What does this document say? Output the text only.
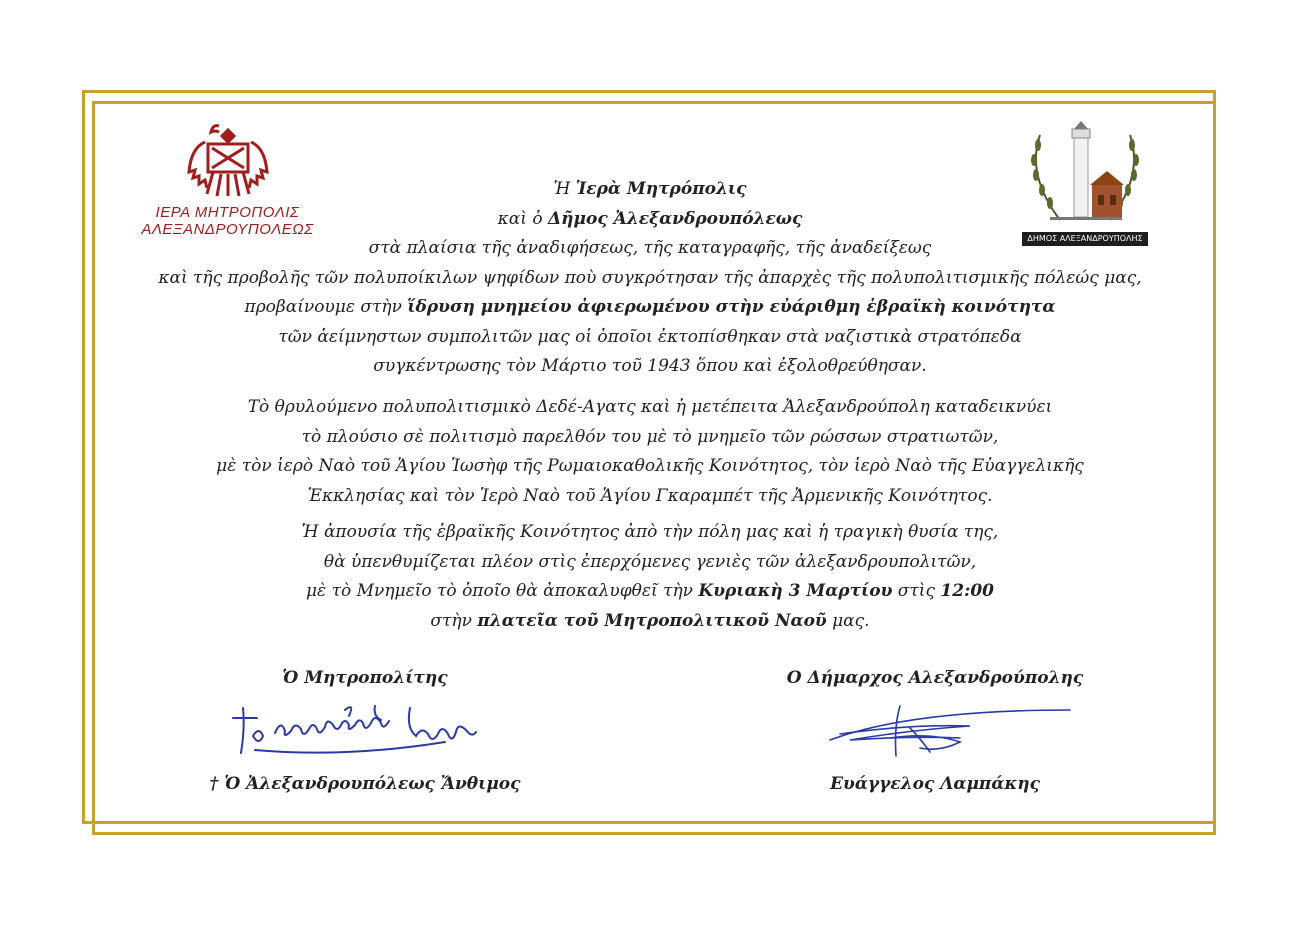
ΙΕΡΑ ΜΗΤΡΟΠΟΛΙΣ
ΑΛΕΞΑΝΔΡΟΥΠΟΛΕΩΣ
ΔΗΜΟΣ ΑΛΕΞΑΝΔΡΟΥΠΟΛΗΣ

Ἡ Ἱερὰ Μητρόπολις

καὶ ὁ Δῆμος Ἀλεξανδρουπόλεως

στὰ πλαίσια τῆς ἀναδιφήσεως, τῆς καταγραφῆς, τῆς ἀναδείξεως

καὶ τῆς προβολῆς τῶν πολυποίκιλων ψηφίδων ποὺ συγκρότησαν τῆς ἀπαρχὲς τῆς πολυπολιτισμικῆς πόλεώς μας,

προβαίνουμε στὴν ἵδρυση μνημείου ἀφιερωμένου στὴν εὐάριθμη ἑβραϊκὴ κοινότητα

τῶν ἀείμνηστων συμπολιτῶν μας οἱ ὁποῖοι ἐκτοπίσθηκαν στὰ ναζιστικὰ στρατόπεδα

συγκέντρωσης τὸν Μάρτιο τοῦ 1943 ὅπου καὶ ἐξολοθρεύθησαν.

Τὸ θρυλούμενο πολυπολιτισμικὸ Δεδέ-Αγατς καὶ ἡ μετέπειτα Ἀλεξανδρούπολη καταδεικνύει

τὸ πλούσιο σὲ πολιτισμὸ παρελθόν του μὲ τὸ μνημεῖο τῶν ρώσσων στρατιωτῶν,

μὲ τὸν ἱερὸ Ναὸ τοῦ Ἁγίου Ἰωσὴφ τῆς Ρωμαιοκαθολικῆς Κοινότητος, τὸν ἱερὸ Ναὸ τῆς Εὐαγγελικῆς

Ἐκκλησίας καὶ τὸν Ἱερὸ Ναὸ τοῦ Ἁγίου Γκαραμπέτ τῆς Ἀρμενικῆς Κοινότητος.

Ἡ ἀπουσία τῆς ἑβραϊκῆς Κοινότητος ἀπὸ τὴν πόλη μας καὶ ἡ τραγικὴ θυσία της,

θὰ ὑπενθυμίζεται πλέον στὶς ἐπερχόμενες γενιὲς τῶν ἀλεξανδρουπολιτῶν,

μὲ τὸ Μνημεῖο τὸ ὁποῖο θὰ ἀποκαλυφθεῖ τὴν Κυριακὴ 3 Μαρτίου στὶς 12:00

στὴν πλατεῖα τοῦ Μητροπολιτικοῦ Ναοῦ μας.

Ὁ Μητροπολίτης
† Ὁ Ἀλεξανδρουπόλεως Ἄνθιμος
Ο Δήμαρχος Αλεξανδρούπολης
Ευάγγελος Λαμπάκης
